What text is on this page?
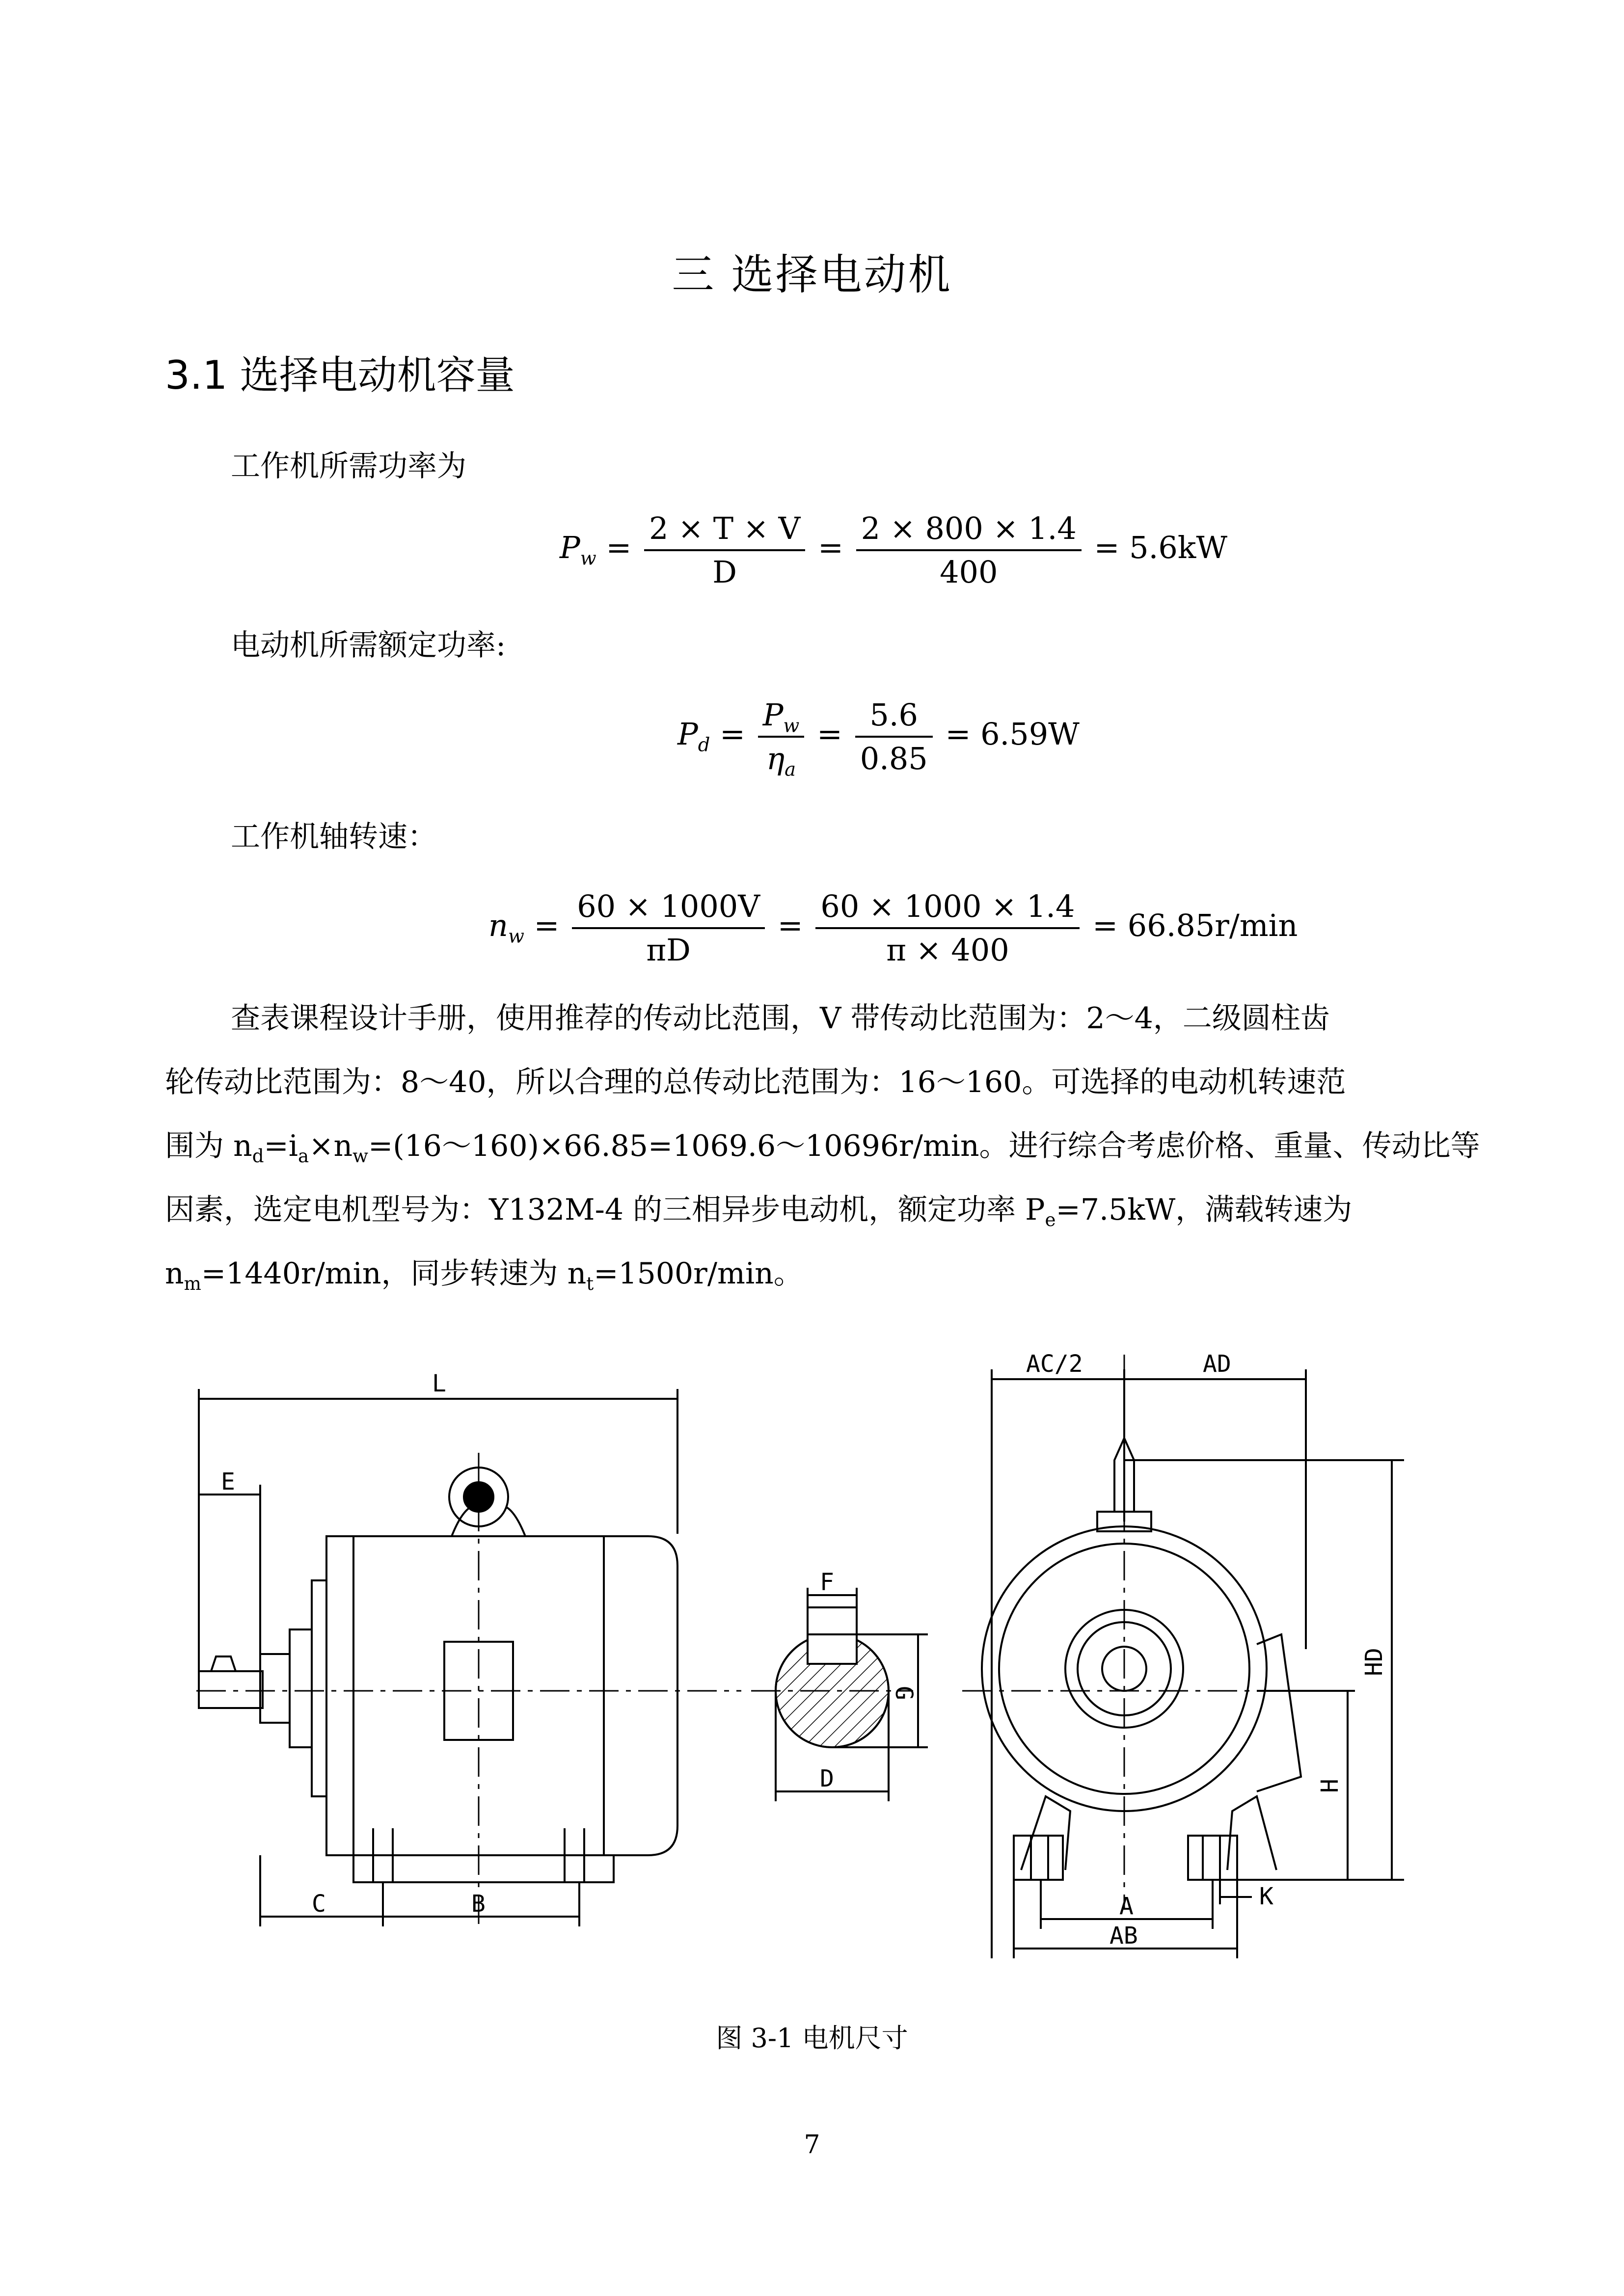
三 选择电动机
3.1 选择电动机容量
工作机所需功率为
$P_w = \frac{2 \times T \times V}{D} = \frac{2 \times 800 \times 1.4}{400} = 5.6kW$
电动机所需额定功率:
$P_d = \frac{P_w}{\eta_a} = \frac{5.6}{0.85} = 6.59W$
工作机轴转速：
$n_w = \frac{60 \times 1000V}{\pi D} = \frac{60 \times 1000 \times 1.4}{\pi \times 400} = 66.85r/\min$
查表课程设计手册，使用推荐的传动比范围，V 带传动比范围为：2～4，二级圆柱齿
轮传动比范围为：8～40，所以合理的总传动比范围为：16～160。可选择的电动机转速范
围为 $n_d=i_a\times n_w=(16\sim 160)\times 66.85=1069.6\sim 10696r/\min$。进行综合考虑价格、重量、传动比等
因素，选定电机型号为：Y132M-4 的三相异步电动机，额定功率 $P_e=7.5kW$，满载转速为
$n_m=1440r/\min$，同步转速为 $n_t=1500r/\min$。
L
E
C	B
F
D
G
AC/2	AD
HD
H
A
AB
K
图 3-1 电机尺寸
7
